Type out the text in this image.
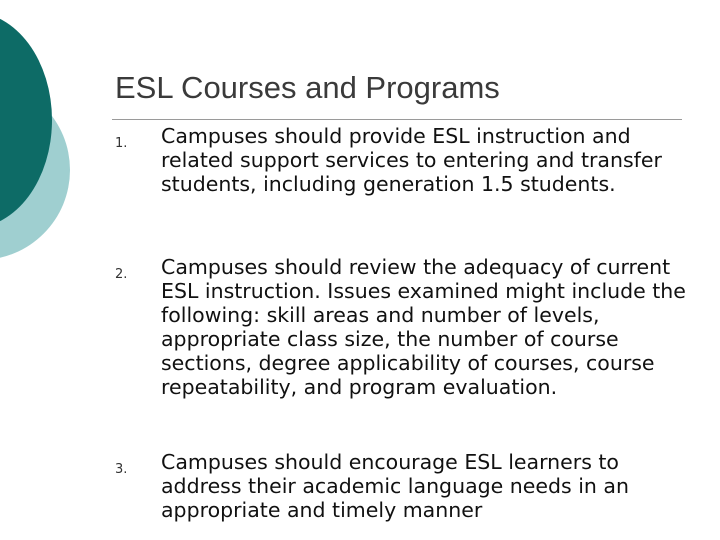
ESL Courses and Programs
1. Campuses should provide ESL instruction and related support services to entering and transfer students, including generation 1.5 students.

2. Campuses should review the adequacy of current ESL instruction. Issues examined might include the following: skill areas and number of levels, appropriate class size, the number of course sections, degree applicability of courses, course repeatability, and program evaluation.

3. Campuses should encourage ESL learners to address their academic language needs in an appropriate and timely manner
